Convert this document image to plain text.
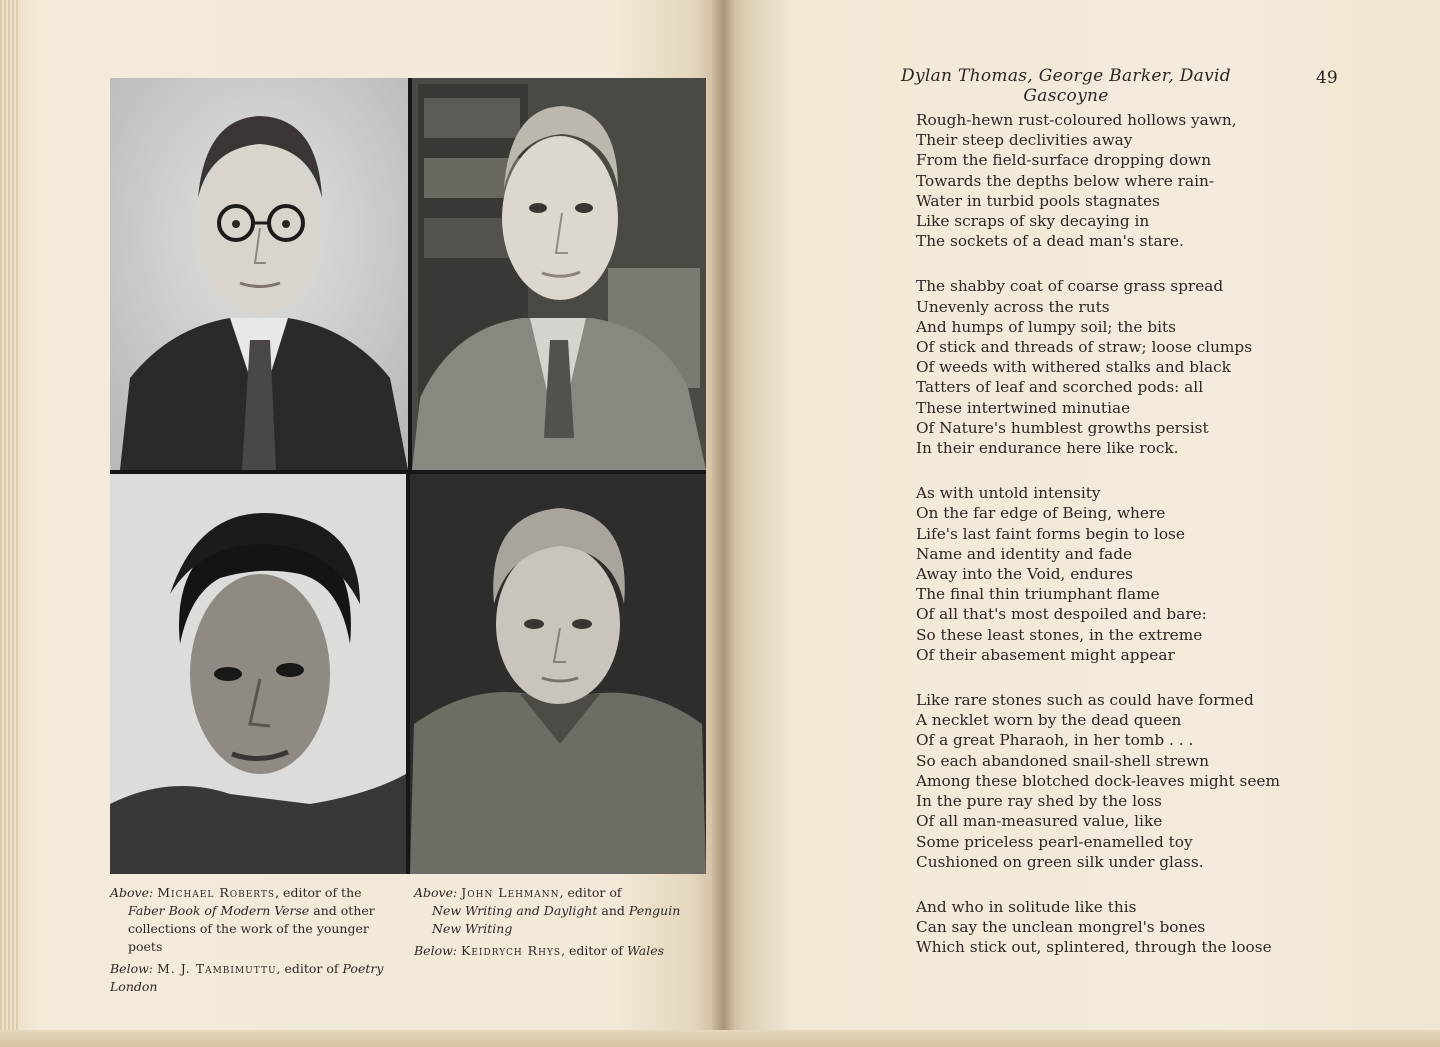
Above: Michael Roberts, editor of the
Faber Book of Modern Verse and other collections of the work of the younger poets

Below: M. J. Tambimuttu, editor of Poetry London

Above: John Lehmann, editor of
New Writing and Daylight and Penguin New Writing

Below: Keidrych Rhys, editor of Wales

Dylan Thomas, George Barker, David Gascoyne
49
Rough-hewn rust-coloured hollows yawn,
Their steep declivities away
From the field-surface dropping down
Towards the depths below where rain-
Water in turbid pools stagnates
Like scraps of sky decaying in
The sockets of a dead man's stare.
The shabby coat of coarse grass spread
Unevenly across the ruts
And humps of lumpy soil; the bits
Of stick and threads of straw; loose clumps
Of weeds with withered stalks and black
Tatters of leaf and scorched pods: all
These intertwined minutiae
Of Nature's humblest growths persist
In their endurance here like rock.
As with untold intensity
On the far edge of Being, where
Life's last faint forms begin to lose
Name and identity and fade
Away into the Void, endures
The final thin triumphant flame
Of all that's most despoiled and bare:
So these least stones, in the extreme
Of their abasement might appear
Like rare stones such as could have formed
A necklet worn by the dead queen
Of a great Pharaoh, in her tomb . . .
So each abandoned snail-shell strewn
Among these blotched dock-leaves might seem
In the pure ray shed by the loss
Of all man-measured value, like
Some priceless pearl-enamelled toy
Cushioned on green silk under glass.
And who in solitude like this
Can say the unclean mongrel's bones
Which stick out, splintered, through the loose
